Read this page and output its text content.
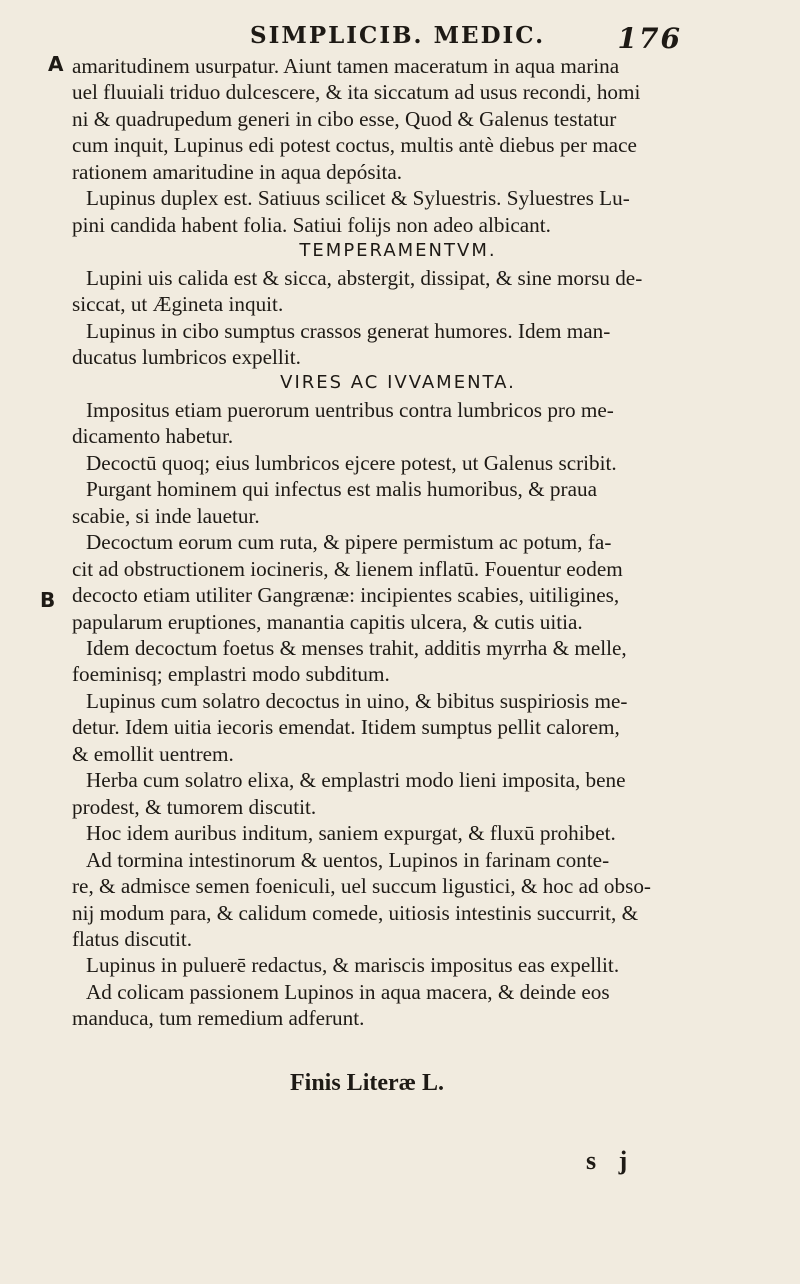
SIMPLICIB. MEDIC.	176
A
B
amaritudinem usurpatur. Aiunt tamen maceratum in aqua marina
uel fluuiali triduo dulcescere, & ita siccatum ad usus recondi, homi
ni & quadrupedum generi in cibo esse, Quod & Galenus testatur
cum inquit, Lupinus edi potest coctus, multis antè diebus per mace
rationem amaritudine in aqua depósita.
Lupinus duplex est. Satiuus scilicet & Syluestris. Syluestres Lu-
pini candida habent folia. Satiui folijs non adeo albicant.
TEMPERAMENTVM.
Lupini uis calida est & sicca, abstergit, dissipat, & sine morsu de-
siccat, ut Ægineta inquit.
Lupinus in cibo sumptus crassos generat humores. Idem man-
ducatus lumbricos expellit.
VIRES AC IVVAMENTA.
Impositus etiam puerorum uentribus contra lumbricos pro me-
dicamento habetur.
Decoctū quoq; eius lumbricos ejcere potest, ut Galenus scribit.
Purgant hominem qui infectus est malis humoribus, & praua
scabie, si inde lauetur.
Decoctum eorum cum ruta, & pipere permistum ac potum, fa-
cit ad obstructionem iocineris, & lienem inflatū. Fouentur eodem
decocto etiam utiliter Gangrænæ: incipientes scabies, uitiligines,
papularum eruptiones, manantia capitis ulcera, & cutis uitia.
Idem decoctum foetus & menses trahit, additis myrrha & melle,
foeminisq; emplastri modo subditum.
Lupinus cum solatro decoctus in uino, & bibitus suspiriosis me-
detur. Idem uitia iecoris emendat. Itidem sumptus pellit calorem,
& emollit uentrem.
Herba cum solatro elixa, & emplastri modo lieni imposita, bene
prodest, & tumorem discutit.
Hoc idem auribus inditum, saniem expurgat, & fluxū prohibet.
Ad tormina intestinorum & uentos, Lupinos in farinam conte-
re, & admisce semen foeniculi, uel succum ligustici, & hoc ad obso-
nij modum para, & calidum comede, uitiosis intestinis succurrit, &
flatus discutit.
Lupinus in puluerē redactus, & mariscis impositus eas expellit.
Ad colicam passionem Lupinos in aqua macera, & deinde eos
manduca, tum remedium adferunt.
Finis Literæ L.
s j
